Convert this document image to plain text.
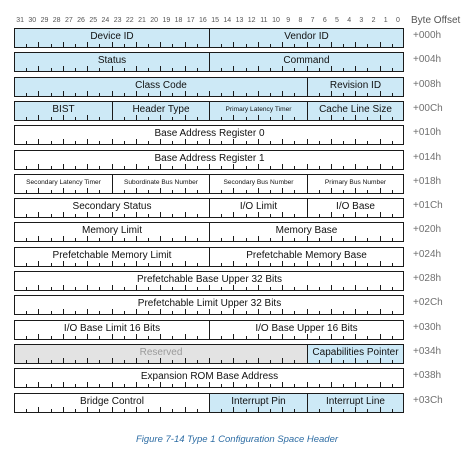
Byte Offset
31 30 29 28 27 26 25 24 23 22 21 20 19 18 17 16 15 14 13 12 11 10 9	8	7	6	5	4	3	2	1	0
Device ID	Vendor ID	+000h
Status	Command	+004h
Class Code	Revision ID	+008h
BIST	Header Type	Primary Latency Timer	Cache Line Size	+00Ch
Base Address Register 0	+010h
Base Address Register 1	+014h
Secondary Latency Timer	Subordinate Bus Number	Secondary Bus Number	Primary Bus Number	+018h
Secondary Status	I/O Limit	I/O Base	+01Ch
Memory Limit	Memory Base	+020h
Prefetchable Memory Limit	Prefetchable Memory Base	+024h
Prefetchable Base Upper 32 Bits	+028h
Prefetchable Limit Upper 32 Bits	+02Ch
I/O Base Limit 16 Bits	I/O Base Upper 16 Bits	+030h
Reserved	Capabilities Pointer	+034h
Expansion ROM Base Address	+038h
Bridge Control	Interrupt Pin	Interrupt Line	+03Ch
Figure 7-14 Type 1 Configuration Space Header
